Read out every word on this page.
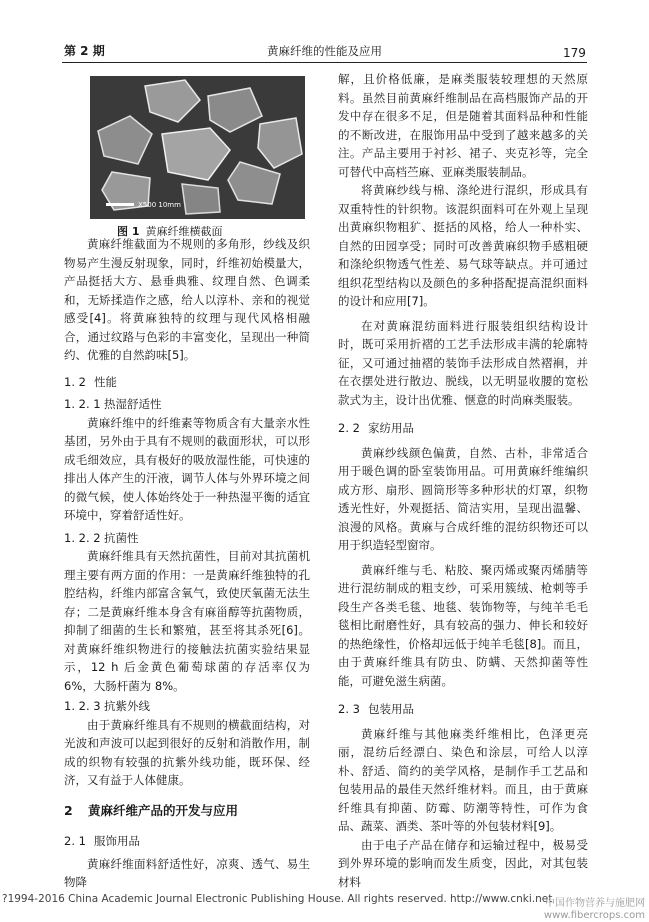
第 2 期	黄麻纤维的性能及应用	179
X500 10mm
图 1 黄麻纤维横截面

黄麻纤维截面为不规则的多角形，纱线及织物易产生漫反射现象，同时，纤维初始模量大，产品挺括大方、悬垂典雅、纹理自然、色调柔和，无矫揉造作之感，给人以淳朴、亲和的视觉感受[4]。将黄麻独特的纹理与现代风格相融合，通过纹路与色彩的丰富变化，呈现出一种简约、优雅的自然韵味[5]。

1. 2 性能

1. 2. 1 热湿舒适性

黄麻纤维中的纤维素等物质含有大量亲水性基团，另外由于具有不规则的截面形状，可以形成毛细效应，具有极好的吸放湿性能，可快速的排出人体产生的汗液，调节人体与外界环境之间的微气候，使人体始终处于一种热湿平衡的适宜环境中，穿着舒适性好。

1. 2. 2 抗菌性

黄麻纤维具有天然抗菌性，目前对其抗菌机理主要有两方面的作用：一是黄麻纤维独特的孔腔结构，纤维内部富含氧气，致使厌氧菌无法生存；二是黄麻纤维本身含有麻甾醇等抗菌物质，抑制了细菌的生长和繁殖，甚至将其杀死[6]。对黄麻纤维织物进行的接触法抗菌实验结果显示，12 h 后金黄色葡萄球菌的存活率仅为 6%，大肠杆菌为 8%。

1. 2. 3 抗紫外线

由于黄麻纤维具有不规则的横截面结构，对光波和声波可以起到很好的反射和消散作用，制成的织物有较强的抗紫外线功能，既环保、经济，又有益于人体健康。

2 黄麻纤维产品的开发与应用

2. 1 服饰用品

黄麻纤维面料舒适性好，凉爽、透气、易生物降

解，且价格低廉，是麻类服装较理想的天然原料。虽然目前黄麻纤维制品在高档服饰产品的开发中存在很多不足，但是随着其面料品种和性能的不断改进，在服饰用品中受到了越来越多的关注。产品主要用于衬衫、裙子、夹克衫等，完全可替代中高档苎麻、亚麻类服装制品。

将黄麻纱线与棉、涤纶进行混织，形成具有双重特性的针织物。该混织面料可在外观上呈现出黄麻织物粗犷、挺括的风格，给人一种朴实、自然的田园享受；同时可改善黄麻织物手感粗硬和涤纶织物透气性差、易气球等缺点。并可通过组织花型结构以及颜色的多种搭配提高混织面料的设计和应用[7]。

在对黄麻混纺面料进行服装组织结构设计时，既可采用折褶的工艺手法形成丰满的轮廓特征，又可通过抽褶的装饰手法形成自然褶裥，并在衣摆处进行散边、脱线，以无明显收腰的宽松款式为主，设计出优雅、惬意的时尚麻类服装。

2. 2 家纺用品

黄麻纱线颜色偏黄，自然、古朴，非常适合用于暖色调的卧室装饰用品。可用黄麻纤维编织成方形、扇形、圆筒形等多种形状的灯罩，织物透光性好，外观挺括、简洁实用，呈现出温馨、浪漫的风格。黄麻与合成纤维的混纺织物还可以用于织造轻型窗帘。

黄麻纤维与毛、粘胶、聚丙烯或聚丙烯腈等进行混纺制成的粗支纱，可采用簇绒、枪刺等手段生产各类毛毯、地毯、装饰物等，与纯羊毛毛毯相比耐磨性好，具有较高的强力、伸长和较好的热绝缘性，价格却远低于纯羊毛毯[8]。而且，由于黄麻纤维具有防虫、防螨、天然抑菌等性能，可避免滋生病菌。

2. 3 包装用品

黄麻纤维与其他麻类纤维相比，色泽更亮丽，混纺后经漂白、染色和涂层，可给人以淳朴、舒适、简约的美学风格，是制作手工艺品和包装用品的最佳天然纤维材料。而且，由于黄麻纤维具有抑菌、防霉、防潮等特性，可作为食品、蔬菜、酒类、茶叶等的外包装材料[9]。

由于电子产品在储存和运输过程中，极易受到外界环境的影响而发生质变，因此，对其包装材料

?1994-2016 China Academic Journal Electronic Publishing House. All rights reserved. http://www.cnki.net
中国作物营养与施肥网
www.fibercrops.com
